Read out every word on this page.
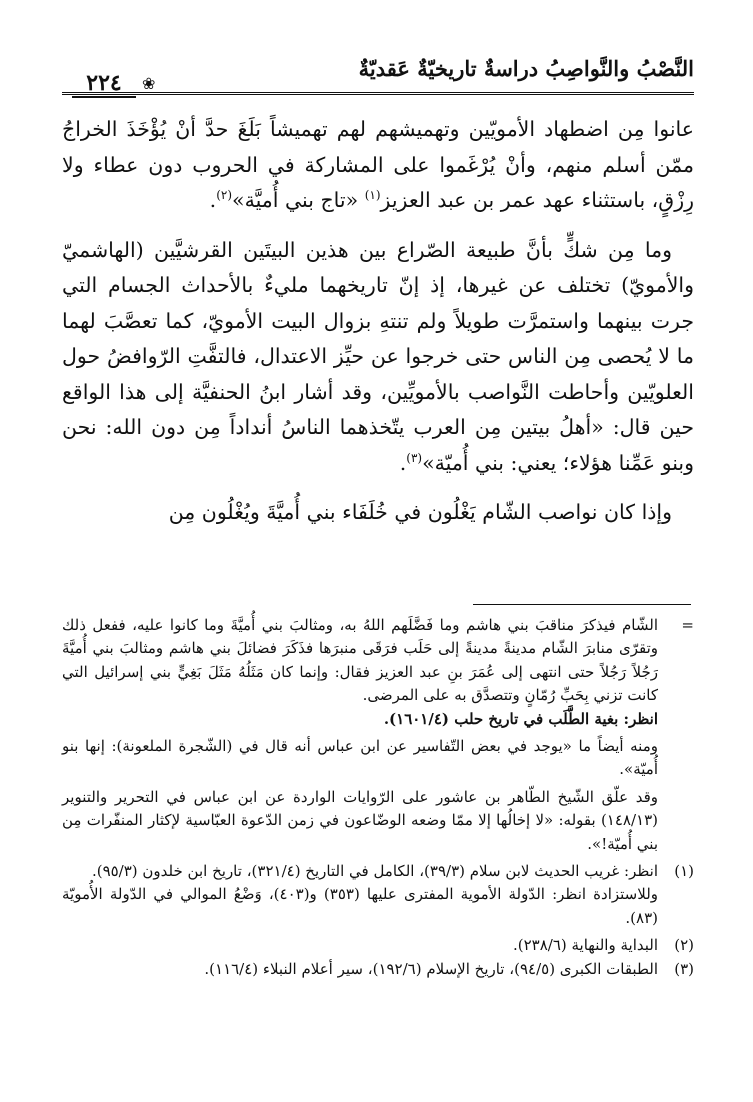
النَّصْبُ والنَّواصِبُ دراسةٌ تاريخيّةٌ عَقديّةٌ
٢٢٤	❀

عانوا مِن اضطهاد الأمويّين وتهميشهم لهم تهميشاً بَلَغَ حدَّ أنْ يُؤْخَذَ الخراجُ ممّن أسلم منهم، وأنْ يُرْغَموا على المشاركة في الحروب دون عطاء ولا رِزْقٍ، باستثناء عهد عمر بن عبد العزيز$^{(١)}$ «تاج بني أُميَّة»$^{(٢)}$.

وما مِن شكٍّ بأنَّ طبيعة الصّراع بين هذين البيتَين القرشيَّين (الهاشميّ والأمويّ) تختلف عن غيرها، إذ إنّ تاريخهما مليءٌ بالأحداث الجسام التي جرت بينهما واستمرَّت طويلاً ولم تنتهِ بزوال البيت الأمويّ، كما تعصَّبَ لهما ما لا يُحصى مِن الناس حتى خرجوا عن حيِّز الاعتدال، فالتفَّتِ الرّوافضُ حول العلويّين وأحاطت النَّواصب بالأمويِّين، وقد أشار ابنُ الحنفيَّة إلى هذا الواقع حين قال: «أهلُ بيتين مِن العرب يتّخذهما الناسُ أنداداً مِن دون الله: نحن وبنو عَمِّنا هؤلاء؛ يعني: بني أُميّة»$^{(٣)}$.

وإذا كان نواصب الشّام يَغْلُون في خُلَفَاء بني أُميَّةَ ويُغْلُون مِن

=
الشّام فيذكرَ مناقبَ بني هاشم وما فَضَّلَهم اللهُ به، ومثالبَ بني أُميَّةَ وما كانوا عليه، ففعل ذلك وتقرّى منابرَ الشّام مدينةً مدينةً إلى حَلَب فرَقَى منبرَها فذَكَرَ فضائلَ بني هاشم ومثالبَ بني أُميَّةَ رَجُلاً رَجُلاً حتى انتهى إلى عُمَرَ بنِ عبد العزيز فقال: وإنما كان مَثَلُهُ مَثَلَ بَغِيٍّ بني إسرائيل التي كانت تزني بِحَبِّ رُمّانٍ وتتصدَّق به على المرضى.
انظر: بغية الطَّلَب في تاريخ حلب (١٦٠١/٤).
ومنه أيضاً ما «يوجد في بعض التّفاسير عن ابن عباس أنه قال في (الشّجرة الملعونة): إنها بنو أُميّة».
وقد علّق الشّيخ الطّاهر بن عاشور على الرّوايات الواردة عن ابن عباس في التحرير والتنوير (١٤٨/١٣) بقوله: «لا إخالُها إلا ممّا وضعه الوضّاعون في زمن الدّعوة العبّاسية لإكثار المنفّرات مِن بني أُميّة!».
(١)
انظر: غريب الحديث لابن سلام (٣٩/٣)، الكامل في التاريخ (٣٢١/٤)، تاريخ ابن خلدون (٩٥/٣).
وللاستزادة انظر: الدّولة الأموية المفترى عليها (٣٥٣) و(٤٠٣)، وَضْعُ الموالي في الدّولة الأُمويّة (٨٣).
(٢)
البداية والنهاية (٢٣٨/٦).
(٣)
الطبقات الكبرى (٩٤/٥)، تاريخ الإسلام (١٩٢/٦)، سير أعلام النبلاء (١١٦/٤).
